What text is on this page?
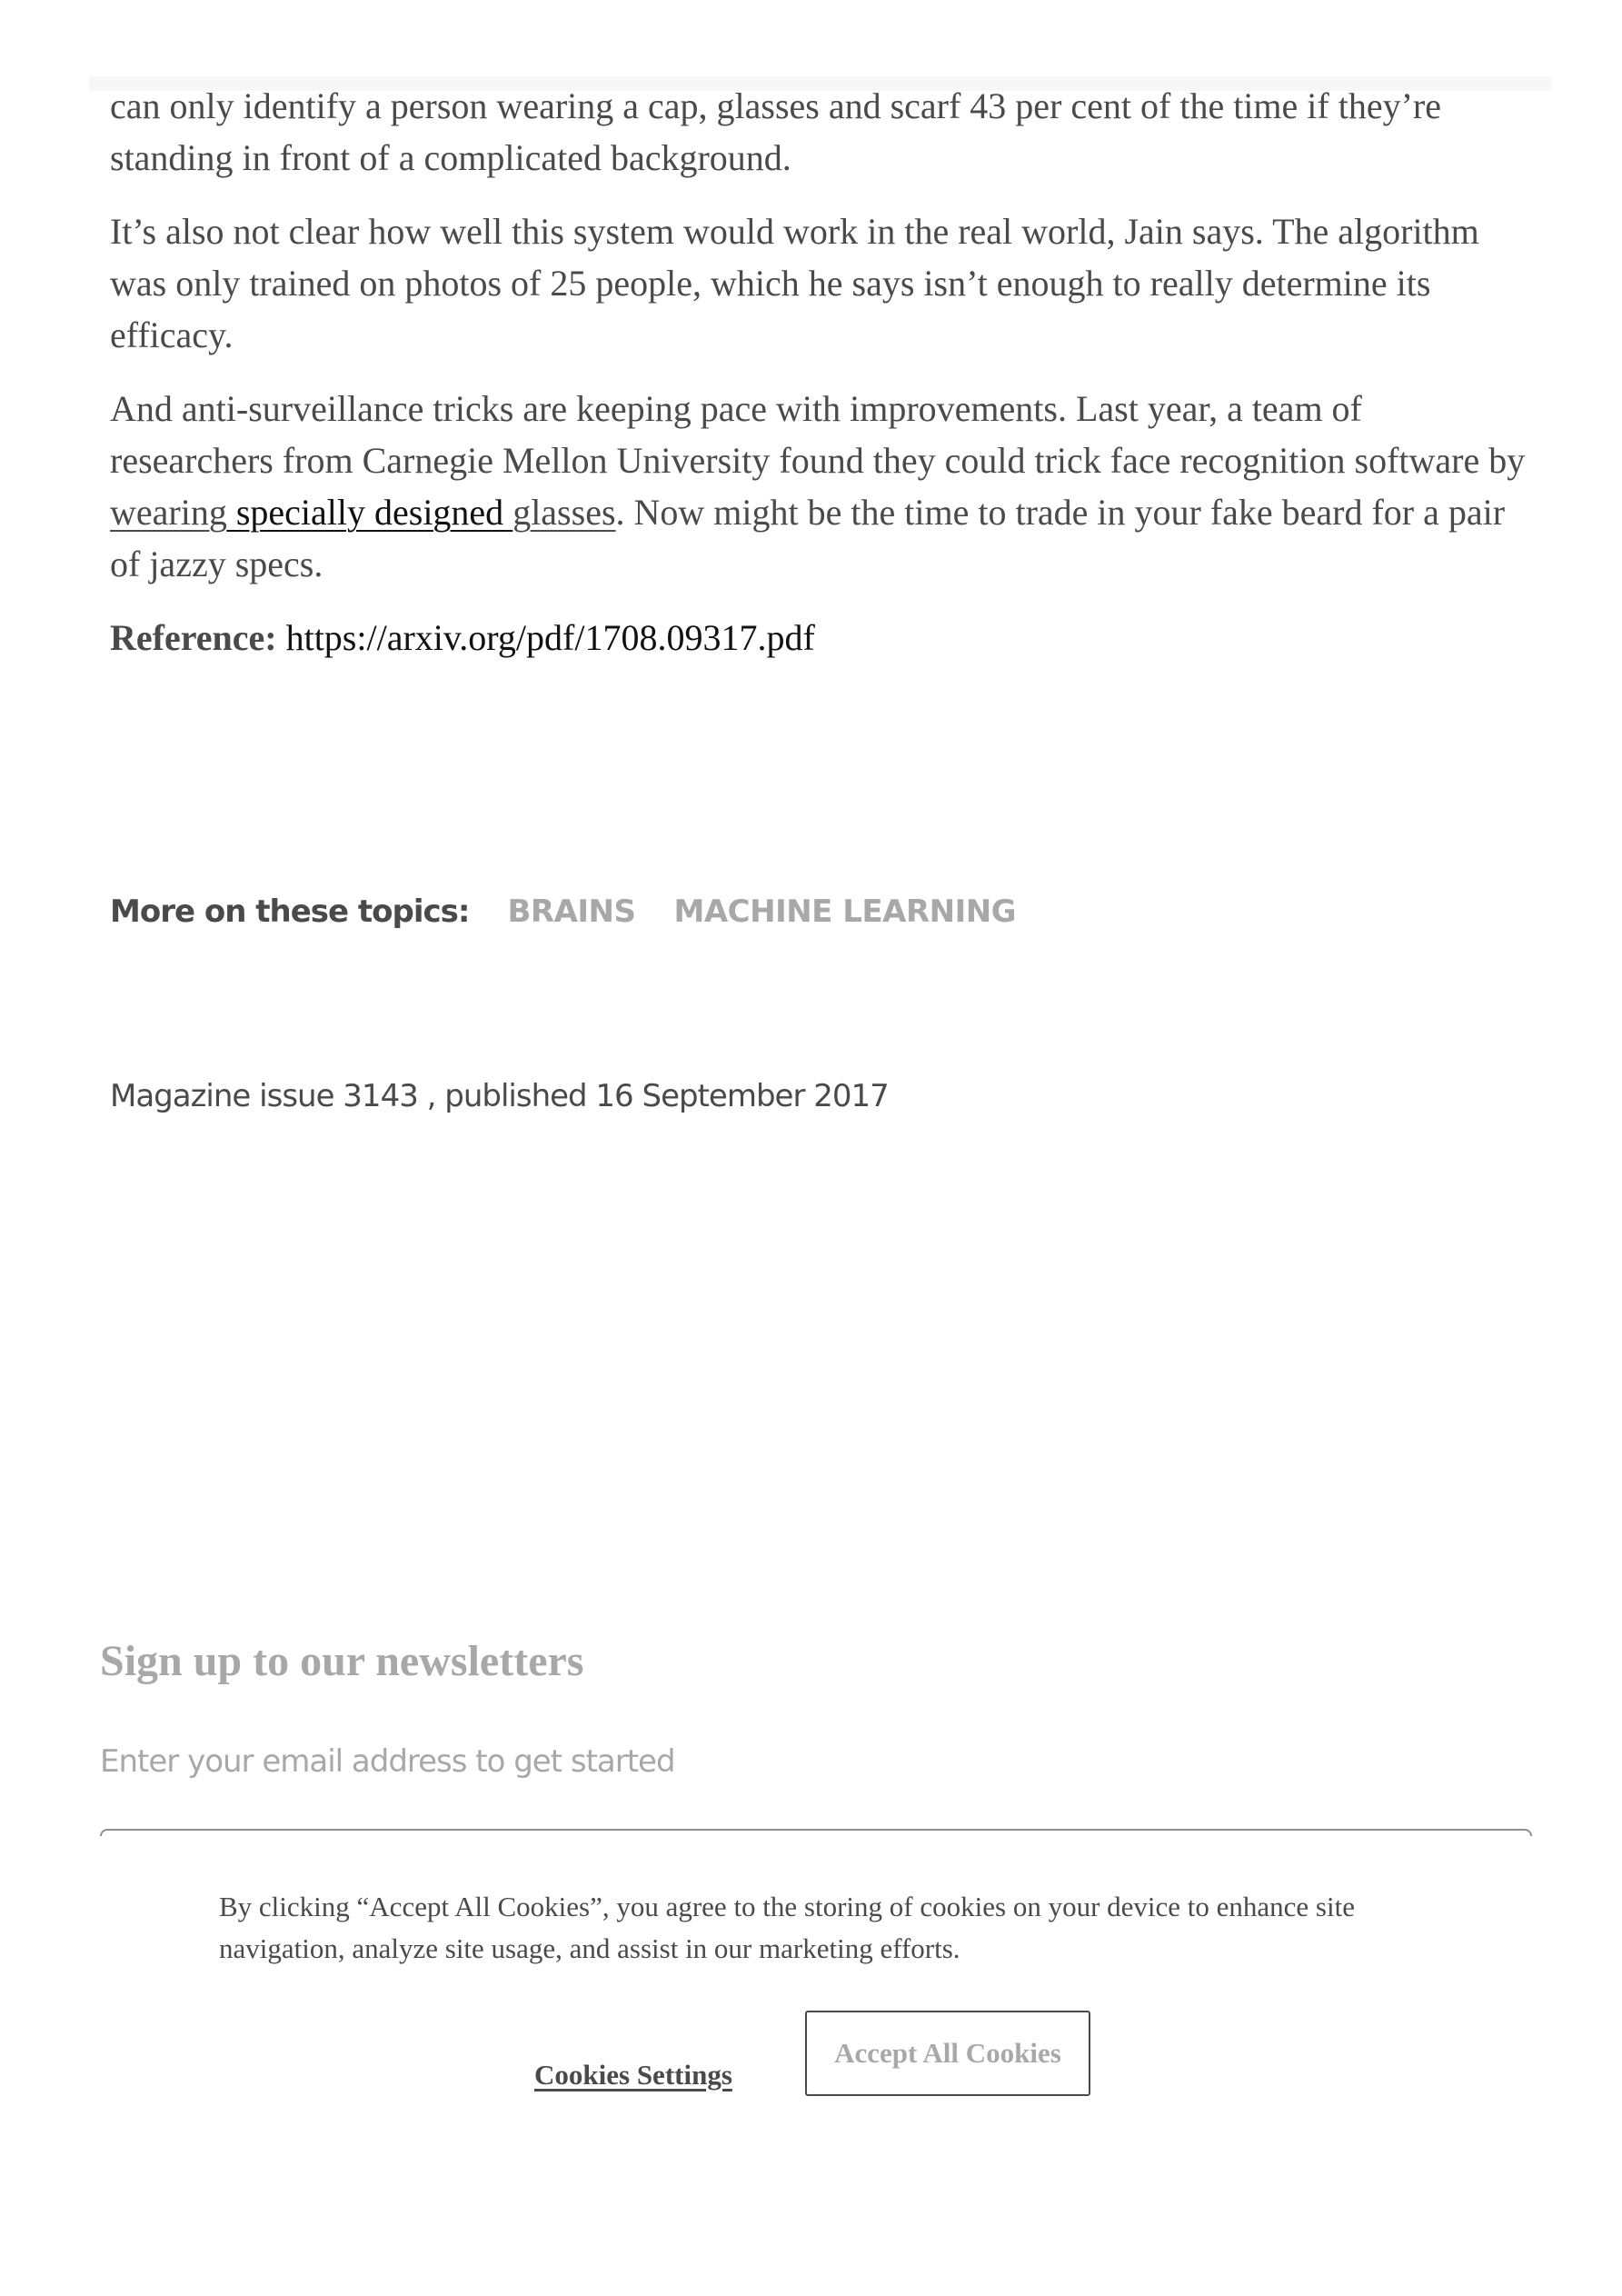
can only identify a person wearing a cap, glasses and scarf 43 per cent of the time if they’re standing in front of a complicated background.

It’s also not clear how well this system would work in the real world, Jain says. The algorithm was only trained on photos of 25 people, which he says isn’t enough to really determine its efficacy.

And anti-surveillance tricks are keeping pace with improvements. Last year, a team of researchers from Carnegie Mellon University found they could trick face recognition software by wearing specially designed glasses. Now might be the time to trade in your fake beard for a pair of jazzy specs.

Reference: https://arxiv.org/pdf/1708.09317.pdf

More on these topics: BRAINS MACHINE LEARNING
Magazine issue 3143 , published 16 September 2017
Sign up to our newsletters
Enter your email address to get started
By clicking “Accept All Cookies”, you agree to the storing of cookies on your device to enhance site navigation, analyze site usage, and assist in our marketing efforts.
Cookies Settings
Accept All Cookies
